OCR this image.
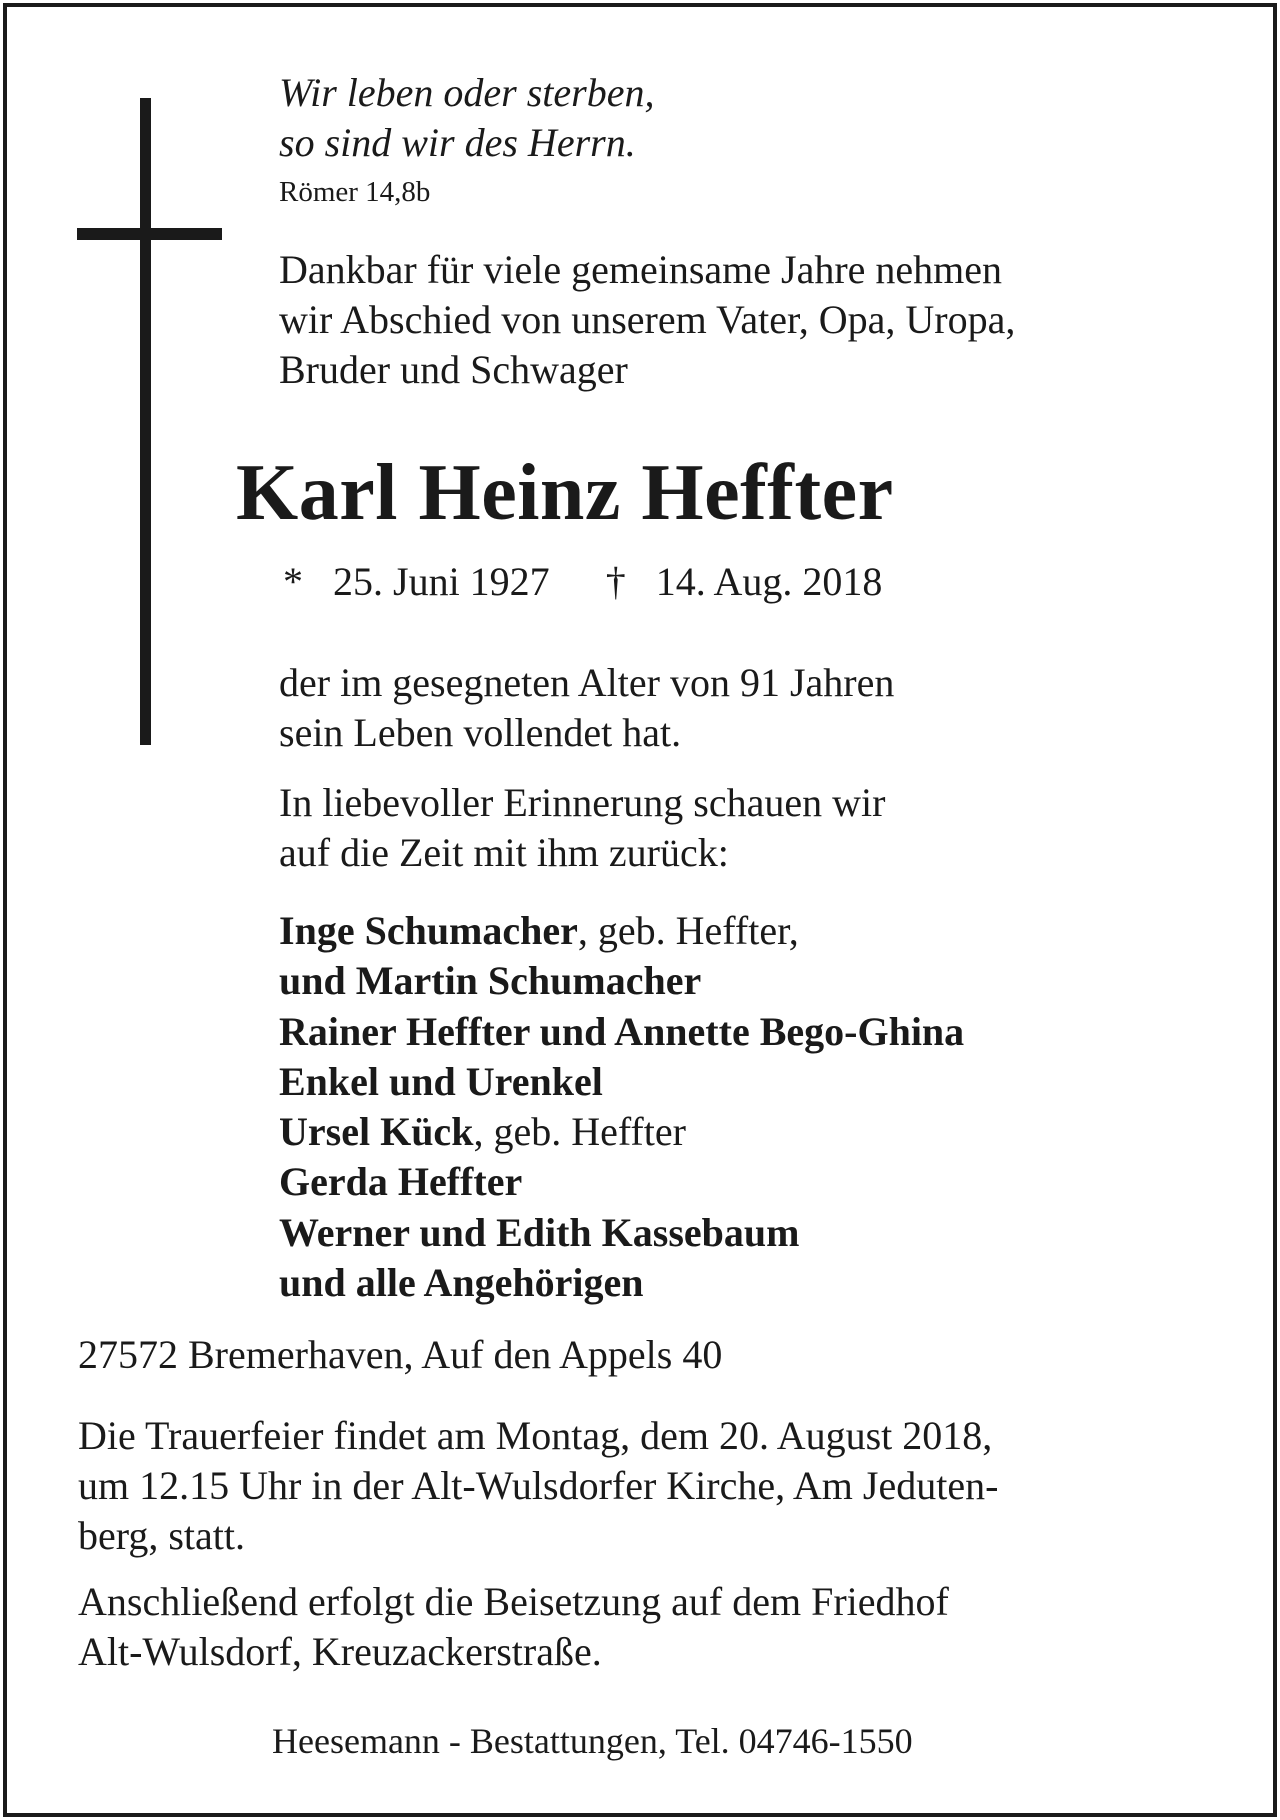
Wir leben oder sterben,
so sind wir des Herrn.
Römer 14,8b
Dankbar für viele gemeinsame Jahre nehmen
wir Abschied von unserem Vater, Opa, Uropa,
Bruder und Schwager
Karl Heinz Heffter
* 25. Juni 1927 † 14. Aug. 2018
der im gesegneten Alter von 91 Jahren
sein Leben vollendet hat.
In liebevoller Erinnerung schauen wir
auf die Zeit mit ihm zurück:
Inge Schumacher, geb. Heffter,
und Martin Schumacher
Rainer Heffter und Annette Bego-Ghina
Enkel und Urenkel
Ursel Kück, geb. Heffter
Gerda Heffter
Werner und Edith Kassebaum
und alle Angehörigen
27572 Bremerhaven, Auf den Appels 40
Die Trauerfeier findet am Montag, dem 20. August 2018,
um 12.15 Uhr in der Alt-Wulsdorfer Kirche, Am Jeduten-
berg, statt.
Anschließend erfolgt die Beisetzung auf dem Friedhof
Alt-Wulsdorf, Kreuzackerstraße.
Heesemann - Bestattungen, Tel. 04746-1550
